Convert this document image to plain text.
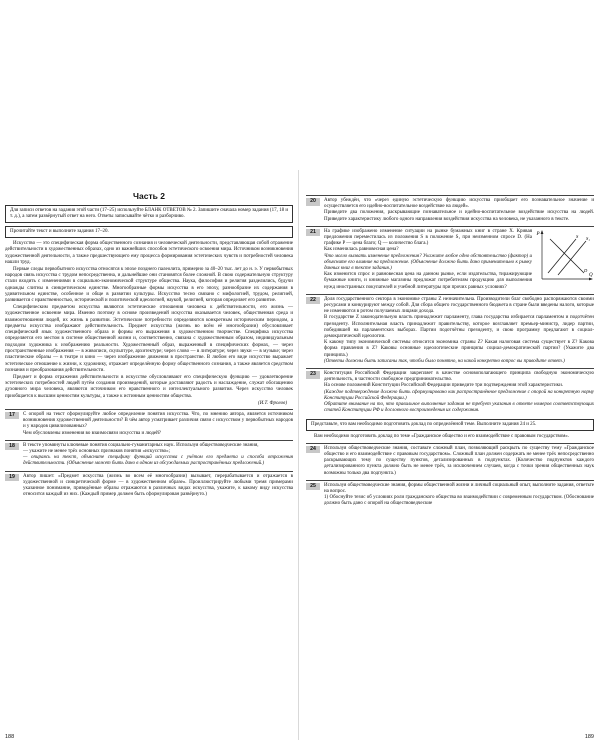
Часть 2

Для записи ответов на задания этой части (17–25) используйте БЛАНК ОТВЕТОВ № 2. Запишите сначала номер задания (17, 18 и т. д.), а затем развёрнутый ответ на него. Ответы записывайте чётко и разборчиво.

Прочитайте текст и выполните задания 17–20.

Искусство — это специфическая форма общественного сознания и человеческой деятельности, представляющая собой отражение действительности в художественных образах, одно из важнейших способов эстетического освоения мира. Источником возникновения художественной деятельности, а также предшествующего ему процесса формирования эстетических чувств и потребностей человека нашли труд.

Первые следы первобытного искусства относятся к эпохе позднего палеолита, примерно за 40–20 тыс. лет до н. э. У первобытных народов связь искусства с трудом непосредственна, и дальнейшие они становятся более сложной. В свою содержательную структуру стали входить с изменениями в социально-экономической структуре общества. Наука, философия и религия разделились, будучи однажды слитны в синкретическом единстве. Многообразные формы искусства в его эпоху, разнообразие их содержания в удивительном единстве, особенное и обще в развитии культуры. Искусство тесно связано с мифологией, трудом, религией, развивается с нравственностью, исторической и политической идеологией, наукой, религией, которая определяет его развитие.

Специфическим предметом искусства являются эстетические отношения человека к действительности, его жизнь — художественное освоение мира. Именно поэтому в основе произведений искусства оказывается человек, общественная среда и взаимоотношения людей, их жизнь в развитии. Эстетические потребности определяются конкретным историческим периодом, а предметы искусства изображают действительность. Предмет искусства (жизнь во всём её многообразии) обусловливает специфический язык художественного образа и формы его выражения в художественном творчестве. Специфика искусства определяется его местом в системе общественной жизни и, соответственно, связана с художественным образом, индивидуальным подходом художника к изображению реальности. Художественный образ, выраженный в специфических формах, — через пространственные изображения — в живописи, скульптуре, архитектуре; через слово — в литературе; через звуки — в музыке; через пластические образы — в театре и кино — через изображение движения в пространстве. В любом его виде искусство выражает эстетическое отношение к жизни, к художнику, отражает определённую форму общественного сознания, а также является средством познания и преобразования действительности.

Предмет и форма отражения действительности в искусстве обусловливают его специфическую функцию — удовлетворение эстетических потребностей людей путём создания произведений, которые доставляют радость и наслаждение, служат обогащению духовного мира человека, являются источником его нравственного и интеллектуального развития. Через искусство человек приобщается к высшим ценностям культуры, а также к истинным ценностям общества.

(И.Т. Фролов)
17	С опорой на текст сформулируйте любое определение понятия искусства. Что, по мнению автора, является источником возникновения художественной деятельности? В чём автор усматривает различия связи с искусством у первобытных народов и у народов цивилизованных?

Чем обусловлены изменения во взаимосвязи искусства и людей?

18	В тексте упомянуты ключевые понятия социально-гуманитарных наук. Используя обществоведческие знания,

— укажите не менее трёх основных признаков понятия «искусство»;

— опираясь на текст, объясните специфику функций искусства с учётом его предмета и способа отражения действительности. (Объяснение может быть дано в одном из обсуждаемых распространённых предложений.)

19	Автор пишет: «Предмет искусства (жизнь во всем её многообразии) вызывает, перерабатывается и отражается в художественной и синкретической форме — в художественном образе». Проиллюстрируйте любыми тремя примерами указанное понимание, приведённые образы отражаются в различных видах искусства, укажите, к какому виду искусства относится каждый из них. (Каждый пример должен быть сформулирован развёрнуто.)

188
20	Автор убеждён, что «через единую эстетическую функцию искусства приобщает его познавательное значение и осуществляется его идейно-воспитательное воздействие на людей».

Приведите два положения, раскрывающие познавательное и идейно-воспитательное воздействие искусства на людей. Приведите характеристику любого одного направления воздействия искусства на человека, не указанного в тексте.

21	P
Q
S S₁
D

На графике изображено изменение ситуации на рынке бумажных книг в стране Х. Кривая предложения переместилась из положения S в положение S₁ при неизменном спросе D. (На графике P — цена благо; Q — количество блага.)

Как изменилась равновесная цена?

Что могло вызвать изменение предложения? Укажите любое одно обстоятельство (фактор) и объясните его влияние на предложение. (Объяснение должно быть дано применительно к рынку данных книг в тексте задания.)

Как изменится спрос и равновесная цена на данном рынке, если издательства, тиражирующие бумажные книги, и книжные магазины предложат потребителям продукцию для выполнения нужд иностранных покупателей и учебной литературы при прочих равных условиях?

22	Доля государственного сектора в экономике страны Z незначительна. Производители благ свободно распоряжаются своими ресурсами и конкурируют между собой. Для сбора общего государственного бюджета в стране были введены налоги, которые не изменяются в ротом получаемых лицами дохода.

В государстве Z законодательную власть принадлежит парламенту, глава государства избирается парламентом и подотчётен президенту. Исполнительная власть принадлежит правительству, которое возглавляет премьер-министр, лидер партии, победившей на парламентских выборах. Партии подотчётны президенту, и свою программу предлагают в социал-демократической идеологии.

К какому типу экономической системы относится экономика страны Z? Какая налоговая система существует в Z? Какова форма правления в Z? Каковы основные идеологические принципы социал-демократической партии? (Укажите два принципа.)

(Ответы должны быть записаны так, чтобы было понятно, на какой конкретно вопрос вы приводите ответ.)

23	Конституция Российской Федерации закрепляет в качестве основополагающего принципа свободную экономическую деятельность, в частности свободное предпринимательство.

На основе положений Конституции Российской Федерации приведите три подтверждения этой характеристики.

(Каждое подтверждение должно быть сформулировано как распространённое предложение с опорой на конкретную норму Конституции Российской Федерации.)

Обратите внимание на то, что правильное выполнение задания не требует указания в ответе номеров соответствующих статей Конституции РФ и дословного воспроизведения их содержания.

Представьте, что вам необходимо подготовить доклад по определённой теме. Выполните задания 24 и 25.

Вам необходимо подготовить доклад по теме «Гражданское общество и его взаимодействие с правовым государством».

24	Используя обществоведческие знания, составьте сложный план, позволяющий раскрыть по существу тему «Гражданское общество и его взаимодействие с правовым государством». Сложный план должен содержать не менее трёх непосредственно раскрывающих тему по существу пунктов, детализированных в подпунктах. (Количество подпунктов каждого детализированного пункта должно быть не менее трёх, за исключением случаев, когда с точки зрения общественных наук возможны только два подпункта.)

25	Используя обществоведческие знания, формы общественной жизни и личный социальный опыт, выполните задания, ответьте на вопрос.

1) Обоснуйте тезис об условиях роли гражданского общества во взаимодействии с современным государством. (Обоснование должно быть дано с опорой на обществоведческие

189
